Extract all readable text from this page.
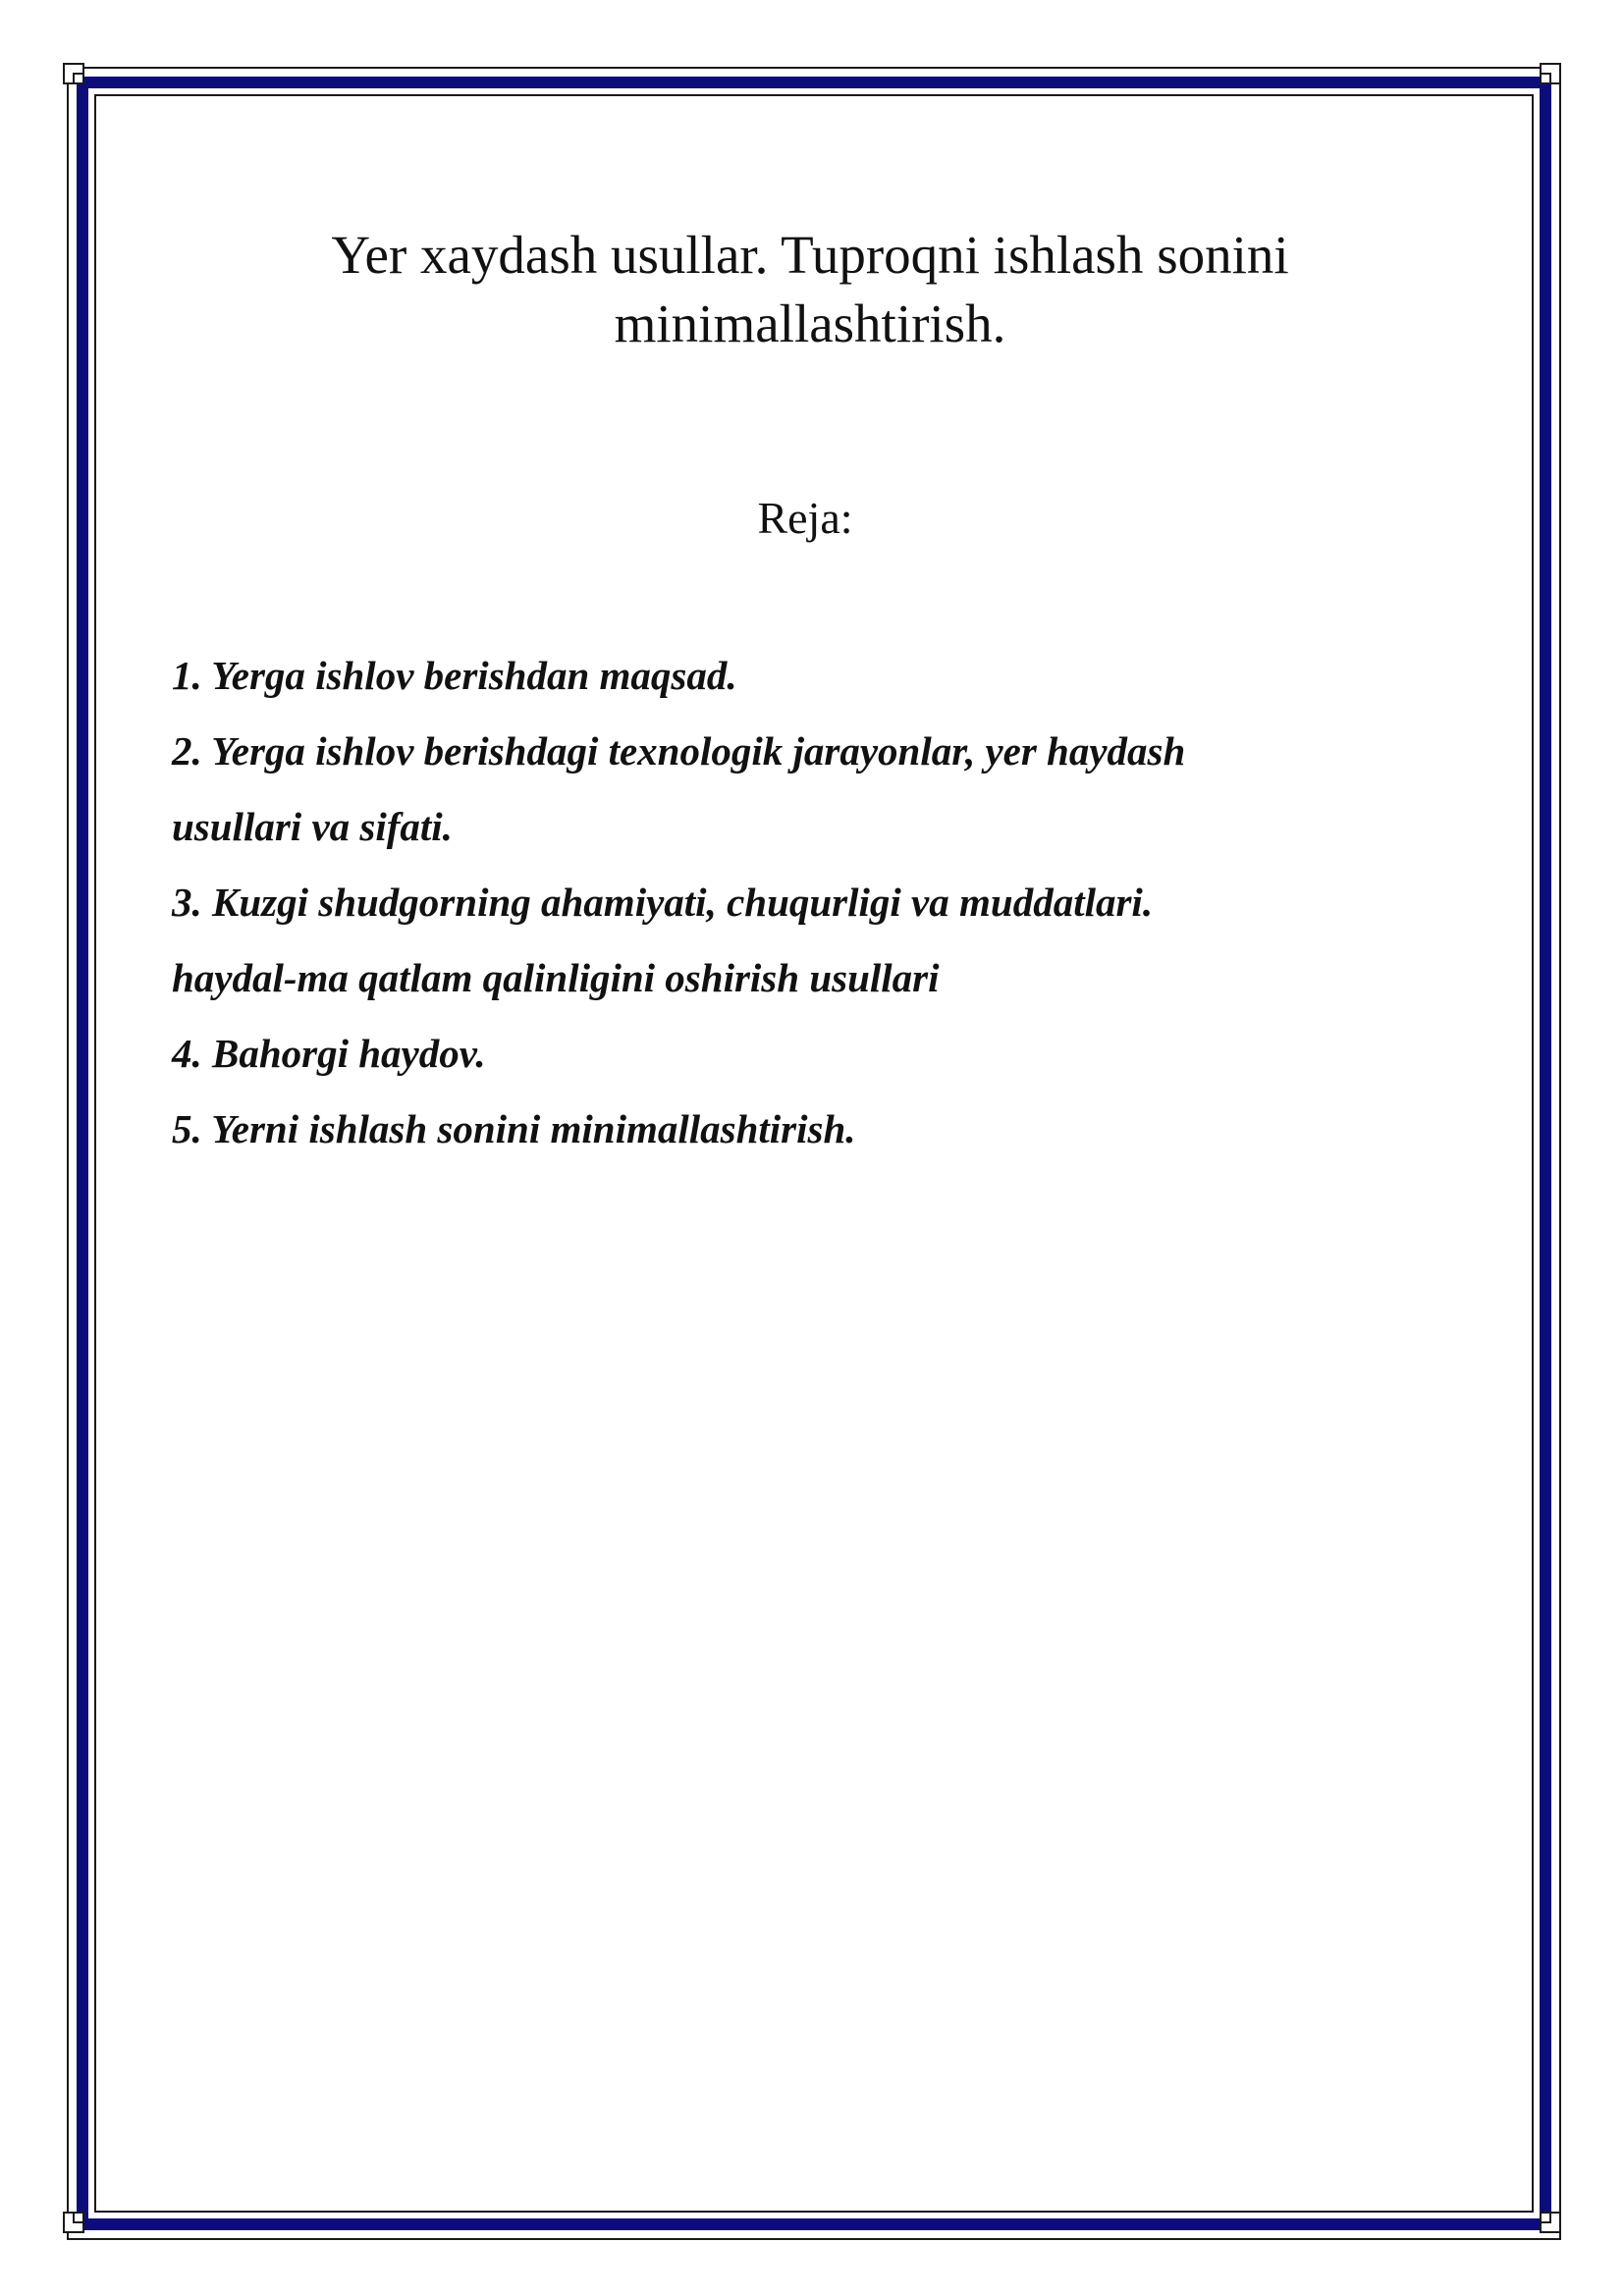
Yer xaydash usullar. Tuproqni ishlash sonini
minimallashtirish.

Reja:

1. Yerga ishlov berishdan maqsad.
2. Yerga ishlov berishdagi texnologik jarayonlar, yer haydash
usullari va sifati.
3. Kuzgi shudgorning ahamiyati, chuqurligi va muddatlari.
haydal-ma qatlam qalinligini oshirish usullari
4. Bahorgi haydov.
5. Yerni ishlash sonini minimallashtirish.
